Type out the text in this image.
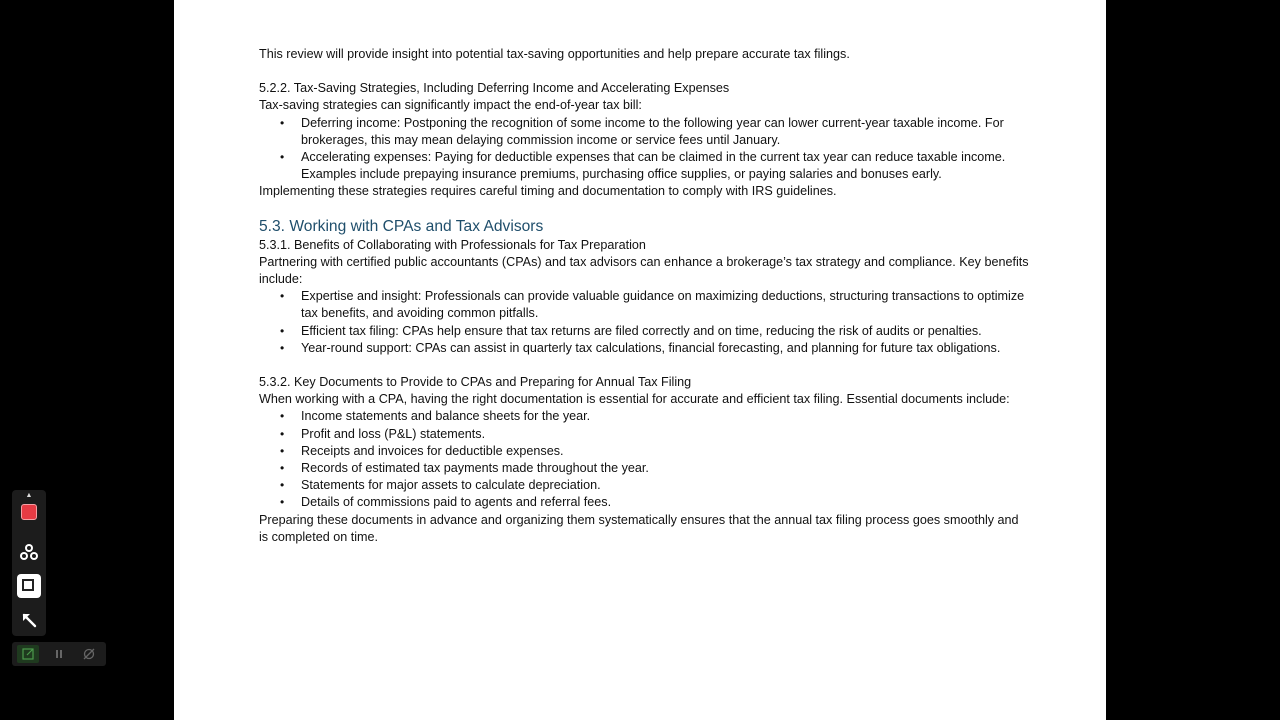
This review will provide insight into potential tax-saving opportunities and help prepare accurate tax filings.

5.2.2. Tax-Saving Strategies, Including Deferring Income and Accelerating Expenses

Tax-saving strategies can significantly impact the end-of-year tax bill:

• Deferring income: Postponing the recognition of some income to the following year can lower current-year taxable income. For brokerages, this may mean delaying commission income or service fees until January.
• Accelerating expenses: Paying for deductible expenses that can be claimed in the current tax year can reduce taxable income. Examples include prepaying insurance premiums, purchasing office supplies, or paying salaries and bonuses early.

Implementing these strategies requires careful timing and documentation to comply with IRS guidelines.

5.3. Working with CPAs and Tax Advisors

5.3.1. Benefits of Collaborating with Professionals for Tax Preparation

Partnering with certified public accountants (CPAs) and tax advisors can enhance a brokerage’s tax strategy and compliance. Key benefits include:

• Expertise and insight: Professionals can provide valuable guidance on maximizing deductions, structuring transactions to optimize tax benefits, and avoiding common pitfalls.
• Efficient tax filing: CPAs help ensure that tax returns are filed correctly and on time, reducing the risk of audits or penalties.
• Year-round support: CPAs can assist in quarterly tax calculations, financial forecasting, and planning for future tax obligations.

5.3.2. Key Documents to Provide to CPAs and Preparing for Annual Tax Filing

When working with a CPA, having the right documentation is essential for accurate and efficient tax filing. Essential documents include:

• Income statements and balance sheets for the year.
• Profit and loss (P&L) statements.
• Receipts and invoices for deductible expenses.
• Records of estimated tax payments made throughout the year.
• Statements for major assets to calculate depreciation.
• Details of commissions paid to agents and referral fees.

Preparing these documents in advance and organizing them systematically ensures that the annual tax filing process goes smoothly and is completed on time.

▲
